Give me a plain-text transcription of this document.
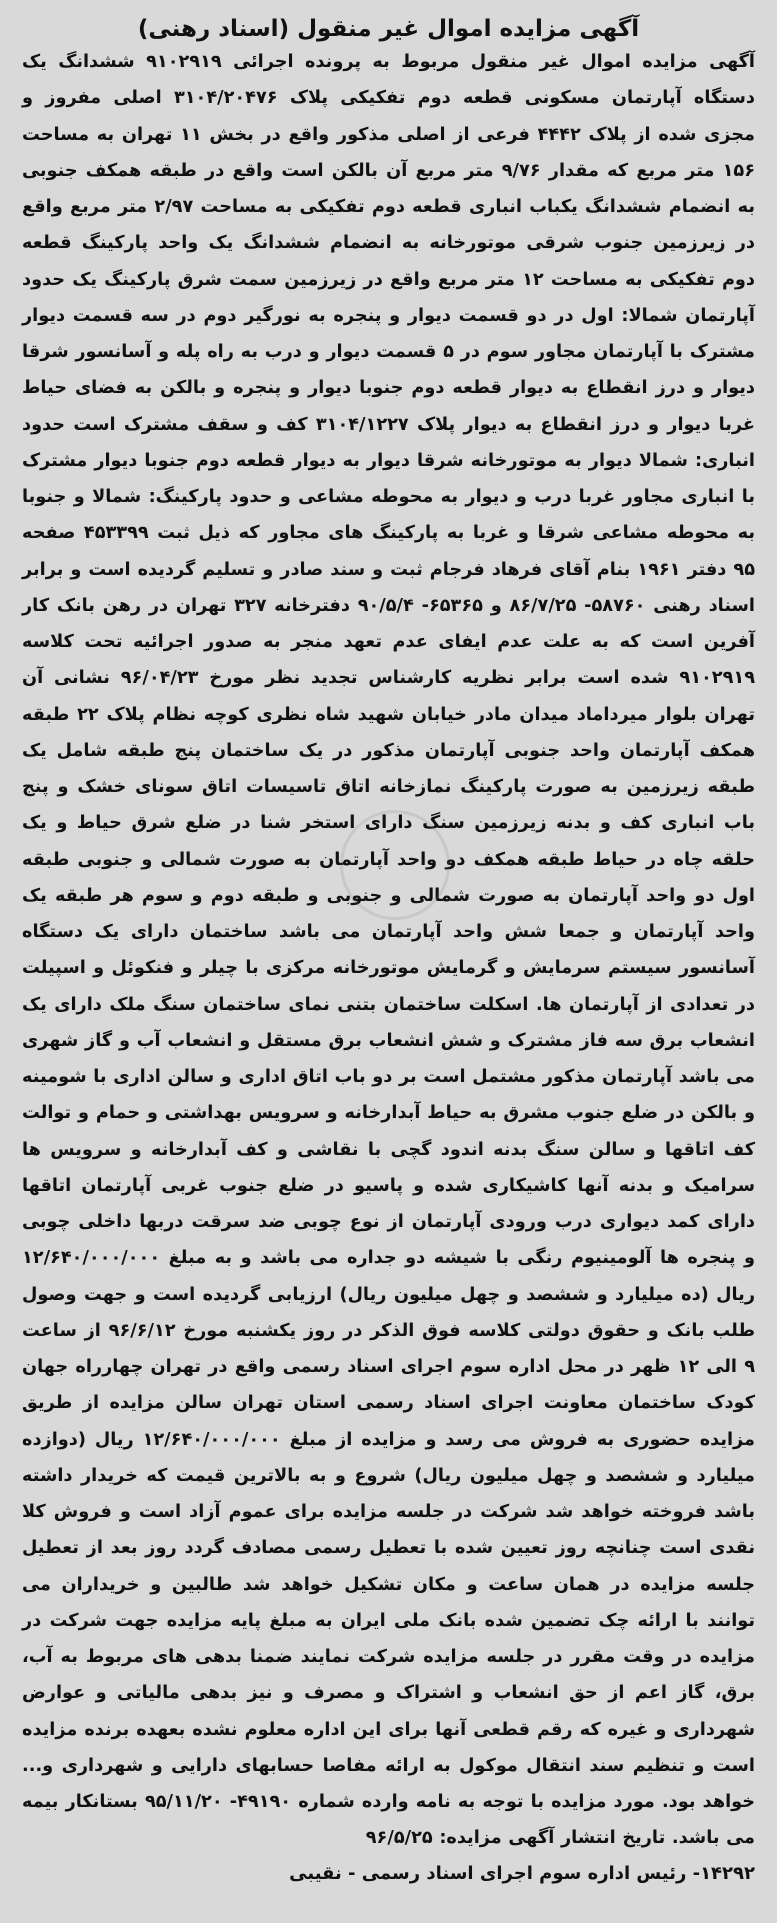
آگهی مزایده اموال غیر منقول (اسناد رهنی)

آگهی مزایده اموال غیر منقول مربوط به پرونده اجرائی ۹۱۰۲۹۱۹ ششدانگ یک دستگاه آپارتمان مسکونی قطعه دوم تفکیکی پلاک ۳۱۰۴/۲۰۴۷۶ اصلی مفروز و مجزی شده از پلاک ۴۴۴۲ فرعی از اصلی مذکور واقع در بخش ۱۱ تهران به مساحت ۱۵۶ متر مربع که مقدار ۹/۷۶ متر مربع آن بالکن است واقع در طبقه همکف جنوبی به انضمام ششدانگ یکباب انباری قطعه دوم تفکیکی به مساحت ۲/۹۷ متر مربع واقع در زیرزمین جنوب شرقی موتورخانه به انضمام ششدانگ یک واحد پارکینگ قطعه دوم تفکیکی به مساحت ۱۲ متر مربع واقع در زیرزمین سمت شرق پارکینگ یک حدود آپارتمان شمالا: اول در دو قسمت دیوار و پنجره به نورگیر دوم در سه قسمت دیوار مشترک با آپارتمان مجاور سوم در ۵ قسمت دیوار و درب به راه پله و آسانسور شرقا دیوار و درز انقطاع به دیوار قطعه دوم جنوبا دیوار و پنجره و بالکن به فضای حیاط غربا دیوار و درز انقطاع به دیوار پلاک ۳۱۰۴/۱۲۲۷ کف و سقف مشترک است حدود انباری: شمالا دیوار به موتورخانه شرقا دیوار به دیوار قطعه دوم جنوبا دیوار مشترک با انباری مجاور غربا درب و دیوار به محوطه مشاعی و حدود پارکینگ: شمالا و جنوبا به محوطه مشاعی شرقا و غربا به پارکینگ های مجاور که ذیل ثبت ۴۵۳۳۹۹ صفحه ۹۵ دفتر ۱۹۶۱ بنام آقای فرهاد فرجام ثبت و سند صادر و تسلیم گردیده است و برابر اسناد رهنی ۵۸۷۶۰- ۸۶/۷/۲۵ و ۶۵۳۶۵- ۹۰/۵/۴ دفترخانه ۳۲۷ تهران در رهن بانک کار آفرین است که به علت عدم ایفای عدم تعهد منجر به صدور اجرائیه تحت کلاسه ۹۱۰۲۹۱۹ شده است برابر نظریه کارشناس تجدید نظر مورخ ۹۶/۰۴/۲۳ نشانی آن تهران بلوار میرداماد میدان مادر خیابان شهید شاه نظری کوچه نظام پلاک ۲۲ طبقه همکف آپارتمان واحد جنوبی آپارتمان مذکور در یک ساختمان پنج طبقه شامل یک طبقه زیرزمین به صورت پارکینگ نمازخانه اتاق تاسیسات اتاق سونای خشک و پنج باب انباری کف و بدنه زیرزمین سنگ دارای استخر شنا در ضلع شرق حیاط و یک حلقه چاه در حیاط طبقه همکف دو واحد آپارتمان به صورت شمالی و جنوبی طبقه اول دو واحد آپارتمان به صورت شمالی و جنوبی و طبقه دوم و سوم هر طبقه یک واحد آپارتمان و جمعا شش واحد آپارتمان می باشد ساختمان دارای یک دستگاه آسانسور سیستم سرمایش و گرمایش موتورخانه مرکزی با چیلر و فنکوئل و اسپیلت در تعدادی از آپارتمان ها. اسکلت ساختمان بتنی نمای ساختمان سنگ ملک دارای یک انشعاب برق سه فاز مشترک و شش انشعاب برق مستقل و انشعاب آب و گاز شهری می باشد آپارتمان مذکور مشتمل است بر دو باب اتاق اداری و سالن اداری با شومینه و بالکن در ضلع جنوب مشرق به حیاط آبدارخانه و سرویس بهداشتی و حمام و توالت کف اتاقها و سالن سنگ بدنه اندود گچی با نقاشی و کف آبدارخانه و سرویس ها سرامیک و بدنه آنها کاشیکاری شده و پاسیو در ضلع جنوب غربی آپارتمان اتاقها دارای کمد دیواری درب ورودی آپارتمان از نوع چوبی ضد سرقت دربها داخلی چوبی و پنجره ها آلومینیوم رنگی با شیشه دو جداره می باشد و به مبلغ ۱۲/۶۴۰/۰۰۰/۰۰۰ ریال (ده میلیارد و ششصد و چهل میلیون ریال) ارزیابی گردیده است و جهت وصول طلب بانک و حقوق دولتی کلاسه فوق الذکر در روز یکشنبه مورخ ۹۶/۶/۱۲ از ساعت ۹ الی ۱۲ ظهر در محل اداره سوم اجرای اسناد رسمی واقع در تهران چهارراه جهان کودک ساختمان معاونت اجرای اسناد رسمی استان تهران سالن مزایده از طریق مزایده حضوری به فروش می رسد و مزایده از مبلغ ۱۲/۶۴۰/۰۰۰/۰۰۰ ریال (دوازده میلیارد و ششصد و چهل میلیون ریال) شروع و به بالاترین قیمت که خریدار داشته باشد فروخته خواهد شد شرکت در جلسه مزایده برای عموم آزاد است و فروش کلا نقدی است چنانچه روز تعیین شده با تعطیل رسمی مصادف گردد روز بعد از تعطیل جلسه مزایده در همان ساعت و مکان تشکیل خواهد شد طالبین و خریداران می توانند با ارائه چک تضمین شده بانک ملی ایران به مبلغ پایه مزایده جهت شرکت در مزایده در وقت مقرر در جلسه مزایده شرکت نمایند ضمنا بدهی های مربوط به آب، برق، گاز اعم از حق انشعاب و اشتراک و مصرف و نیز بدهی مالیاتی و عوارض شهرداری و غیره که رقم قطعی آنها برای این اداره معلوم نشده بعهده برنده مزایده است و تنظیم سند انتقال موکول به ارائه مفاصا حسابهای دارایی و شهرداری و... خواهد بود. مورد مزایده با توجه به نامه وارده شماره ۴۹۱۹۰- ۹۵/۱۱/۲۰ بستانکار بیمه می باشد. تاریخ انتشار آگهی مزایده: ۹۶/۵/۲۵

۱۴۲۹۲- رئیس اداره سوم اجرای اسناد رسمی - نقیبی
